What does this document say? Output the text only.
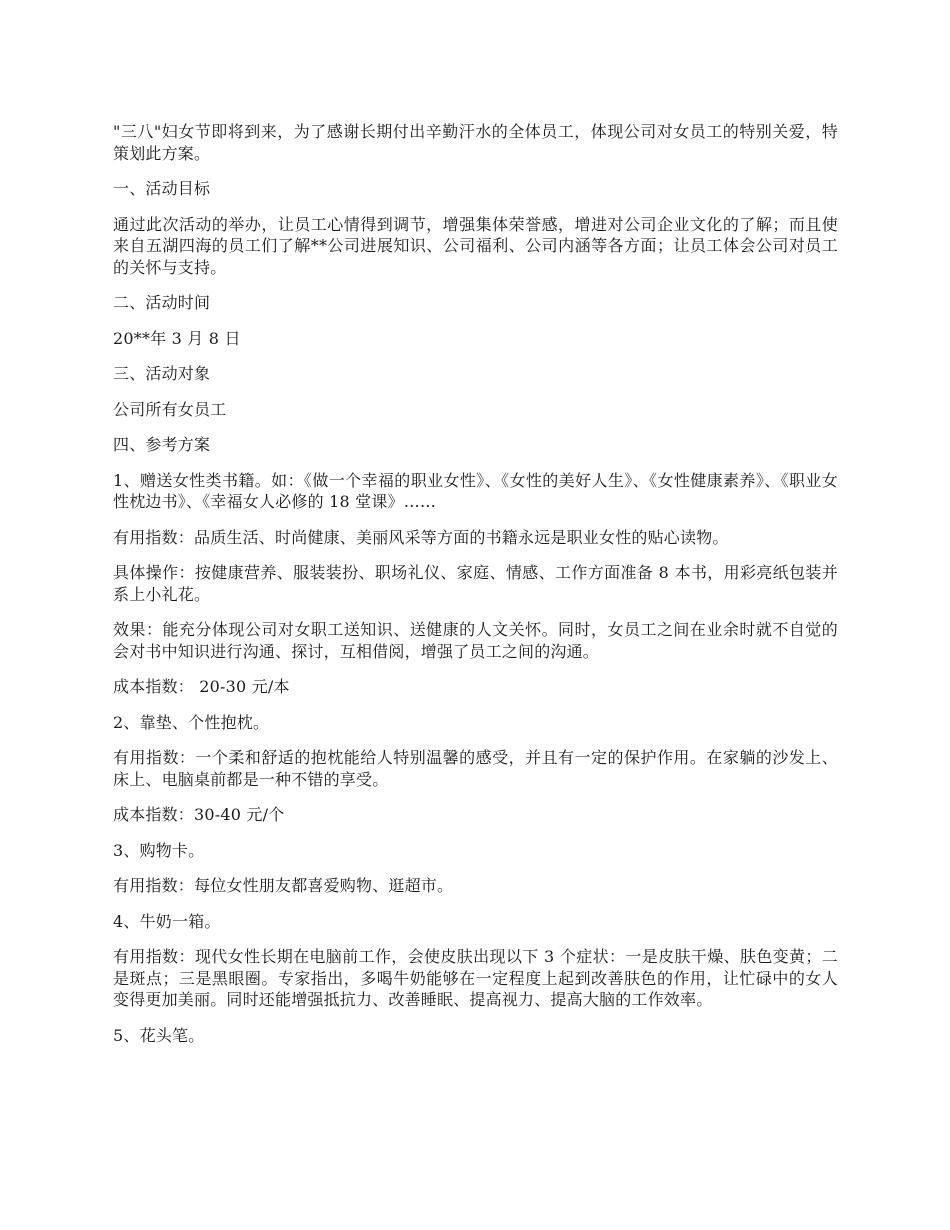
"三八"妇女节即将到来，为了感谢长期付出辛勤汗水的全体员工，体现公司对女员工的特别关爱，特策划此方案。

一、活动目标

通过此次活动的举办，让员工心情得到调节，增强集体荣誉感，增进对公司企业文化的了解；而且使来自五湖四海的员工们了解**公司进展知识、公司福利、公司内涵等各方面；让员工体会公司对员工的关怀与支持。

二、活动时间

20**年 3 月 8 日

三、活动对象

公司所有女员工

四、参考方案

1、赠送女性类书籍。如：《做一个幸福的职业女性》、《女性的美好人生》、《女性健康素养》、《职业女性枕边书》、《幸福女人必修的 18 堂课》……

有用指数：品质生活、时尚健康、美丽风采等方面的书籍永远是职业女性的贴心读物。

具体操作：按健康营养、服装装扮、职场礼仪、家庭、情感、工作方面准备 8 本书，用彩亮纸包装并系上小礼花。

效果：能充分体现公司对女职工送知识、送健康的人文关怀。同时，女员工之间在业余时就不自觉的会对书中知识进行沟通、探讨，互相借阅，增强了员工之间的沟通。

成本指数： 20-30 元/本

2、靠垫、个性抱枕。

有用指数：一个柔和舒适的抱枕能给人特别温馨的感受，并且有一定的保护作用。在家躺的沙发上、床上、电脑桌前都是一种不错的享受。

成本指数：30-40 元/个

3、购物卡。

有用指数：每位女性朋友都喜爱购物、逛超市。

4、牛奶一箱。

有用指数：现代女性长期在电脑前工作，会使皮肤出现以下 3 个症状：一是皮肤干燥、肤色变黄；二是斑点；三是黑眼圈。专家指出，多喝牛奶能够在一定程度上起到改善肤色的作用，让忙碌中的女人变得更加美丽。同时还能增强抵抗力、改善睡眠、提高视力、提高大脑的工作效率。

5、花头笔。
